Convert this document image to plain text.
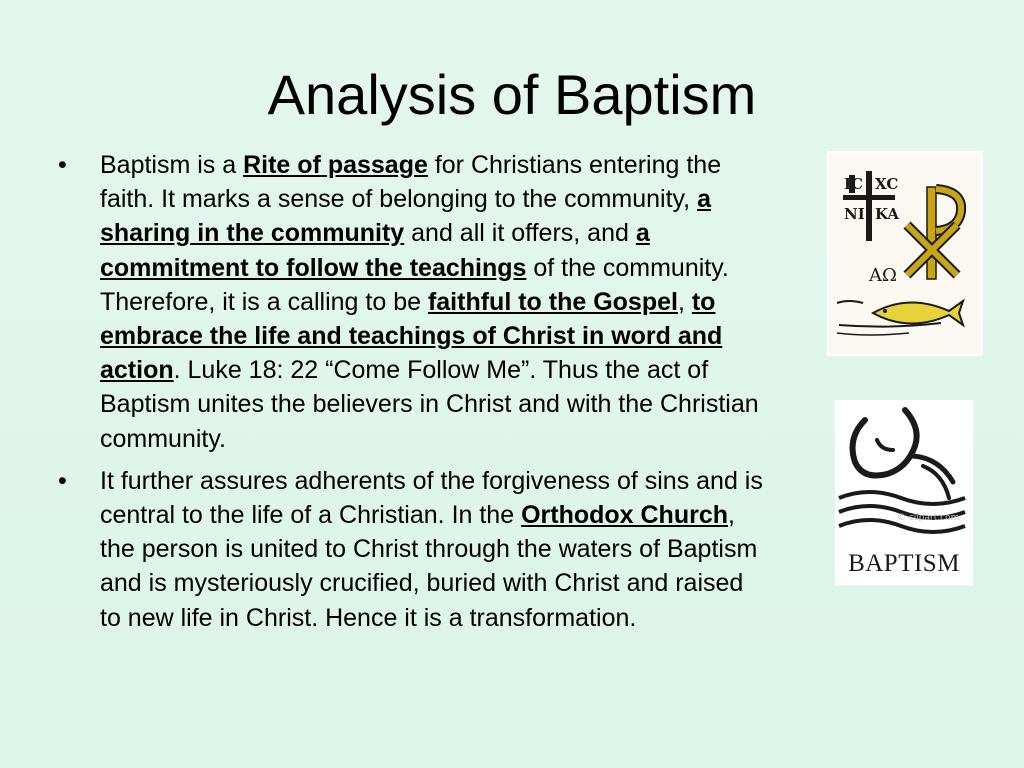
Analysis of Baptism
• Baptism is a Rite of passage for Christians entering the faith. It marks a sense of belonging to the community, a sharing in the community and all it offers, and a commitment to follow the teachings of the community. Therefore, it is a calling to be faithful to the Gospel, to embrace the life and teachings of Christ in word and action. Luke 18: 22 “Come Follow Me”. Thus the act of Baptism unites the believers in Christ and with the Christian community.
• It further assures adherents of the forgiveness of sins and is central to the life of a Christian. In the Orthodox Church, the person is united to Christ through the waters of Baptism and is mysteriously crucified, buried with Christ and raised to new life in Christ. Hence it is a transformation.
IC XC
NI KA
ΑΩ
© clipart.com
BAPTISM
